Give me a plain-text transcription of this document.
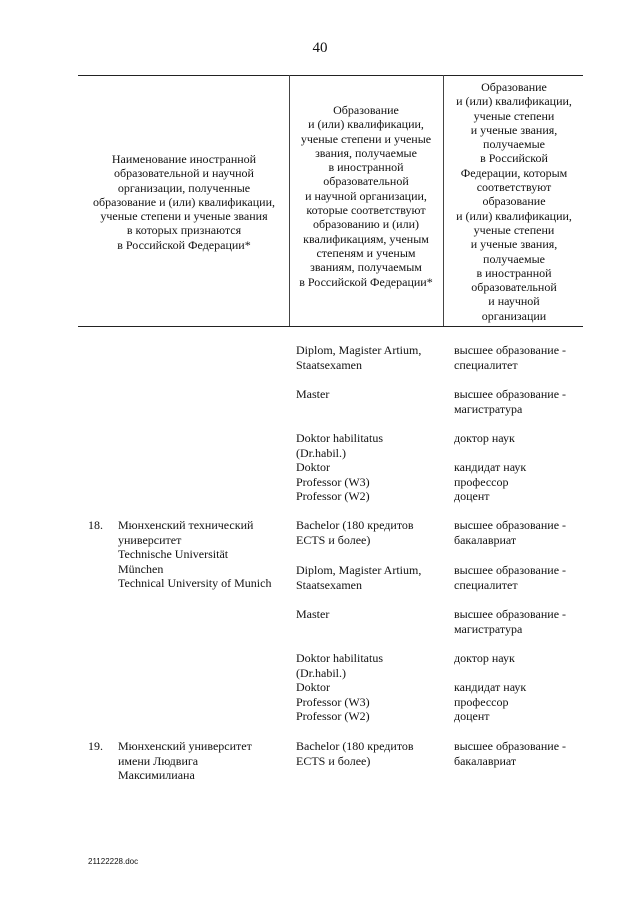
40
Наименование иностранной
образовательной и научной
организации, полученные
образование и (или) квалификации,
ученые степени и ученые звания
в которых признаются
в Российской Федерации*
Образование
и (или) квалификации,
ученые степени и ученые
звания, получаемые
в иностранной
образовательной
и научной организации,
которые соответствуют
образованию и (или)
квалификациям, ученым
степеням и ученым
званиям, получаемым
в Российской Федерации*
Образование
и (или) квалификации,
ученые степени
и ученые звания,
получаемые
в Российской
Федерации, которым
соответствуют
образование
и (или) квалификации,
ученые степени
и ученые звания,
получаемые
в иностранной
образовательной
и научной
организации
Diplom, Magister Artium,
Staatsexamen
высшее образование -
специалитет
Master	высшее образование -
магистратура
Doktor habilitatus
(Dr.habil.)
доктор наук
Doktor
Professor (W3)
Professor (W2)
кандидат наук
профессор
доцент
18. Мюнхенский технический
университет
Technische Universität
München
Technical University of Munich
Bachelor (180 кредитов
ECTS и более)
высшее образование -
бакалавриат
Diplom, Magister Artium,
Staatsexamen
высшее образование -
специалитет
Master	высшее образование -
магистратура
Doktor habilitatus
(Dr.habil.)
доктор наук
Doktor
Professor (W3)
Professor (W2)
кандидат наук
профессор
доцент
19. Мюнхенский университет
имени Людвига
Максимилиана
Bachelor (180 кредитов
ECTS и более)
высшее образование -
бакалавриат
21122228.doc
